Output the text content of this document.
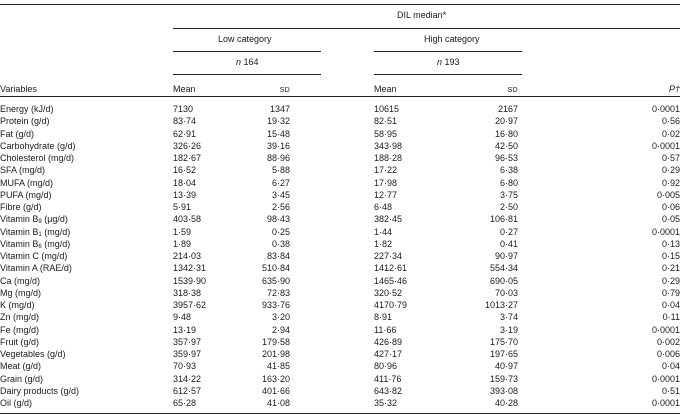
DIL median*
Low category	High category
n 164	n 193
Variables	Mean	SD	Mean	SD	P†
Energy (kJ/d)	7130	1347	10615	2167	0·0001
Protein (g/d)	83·74	19·32	82·51	20·97	0·56
Fat (g/d)	62·91	15·48	58·95	16·80	0·02
Carbohydrate (g/d)	326·26	39·16	343·98	42·50	0·0001
Cholesterol (mg/d)	182·67	88·96	188·28	96·53	0·57
SFA (mg/d)	16·52	5·88	17·22	6·38	0·29
MUFA (mg/d)	18·04	6·27	17·98	6·80	0·92
PUFA (mg/d)	13·39	3·45	12·77	3·75	0·005
Fibre (g/d)	5·91	2·56	6·48	2·50	0·06
Vitamin $B_9$ (μg/d)	403·58	98·43	382·45	106·81	0·05
Vitamin $B_1$ (mg/d)	1·59	0·25	1·44	0·27	0·0001
Vitamin $B_6$ (mg/d)	1·89	0·38	1·82	0·41	0·13
Vitamin C (mg/d)	214·03	83·84	227·34	90·97	0·15
Vitamin A (RAE/d)	1342·31	510·84	1412·61	554·34	0·21
Ca (mg/d)	1539·90	635·90	1465·46	690·05	0·29
Mg (mg/d)	318·38	72·83	320·52	70·03	0·79
K (mg/d)	3957·62	933·76	4170·79	1013·27	0·04
Zn (mg/d)	9·48	3·20	8·91	3·74	0·11
Fe (mg/d)	13·19	2·94	11·66	3·19	0·0001
Fruit (g/d)	357·97	179·58	426·89	175·70	0·002
Vegetables (g/d)	359·97	201·98	427·17	197·65	0·006
Meat (g/d)	70·93	41·85	80·96	40·97	0·04
Grain (g/d)	314·22	163·20	411·76	159·73	0·0001
Dairy products (g/d)	612·57	401·66	643·82	393·08	0·51
Oil (g/d)	65·28	41·08	35·32	40·28	0·0001
